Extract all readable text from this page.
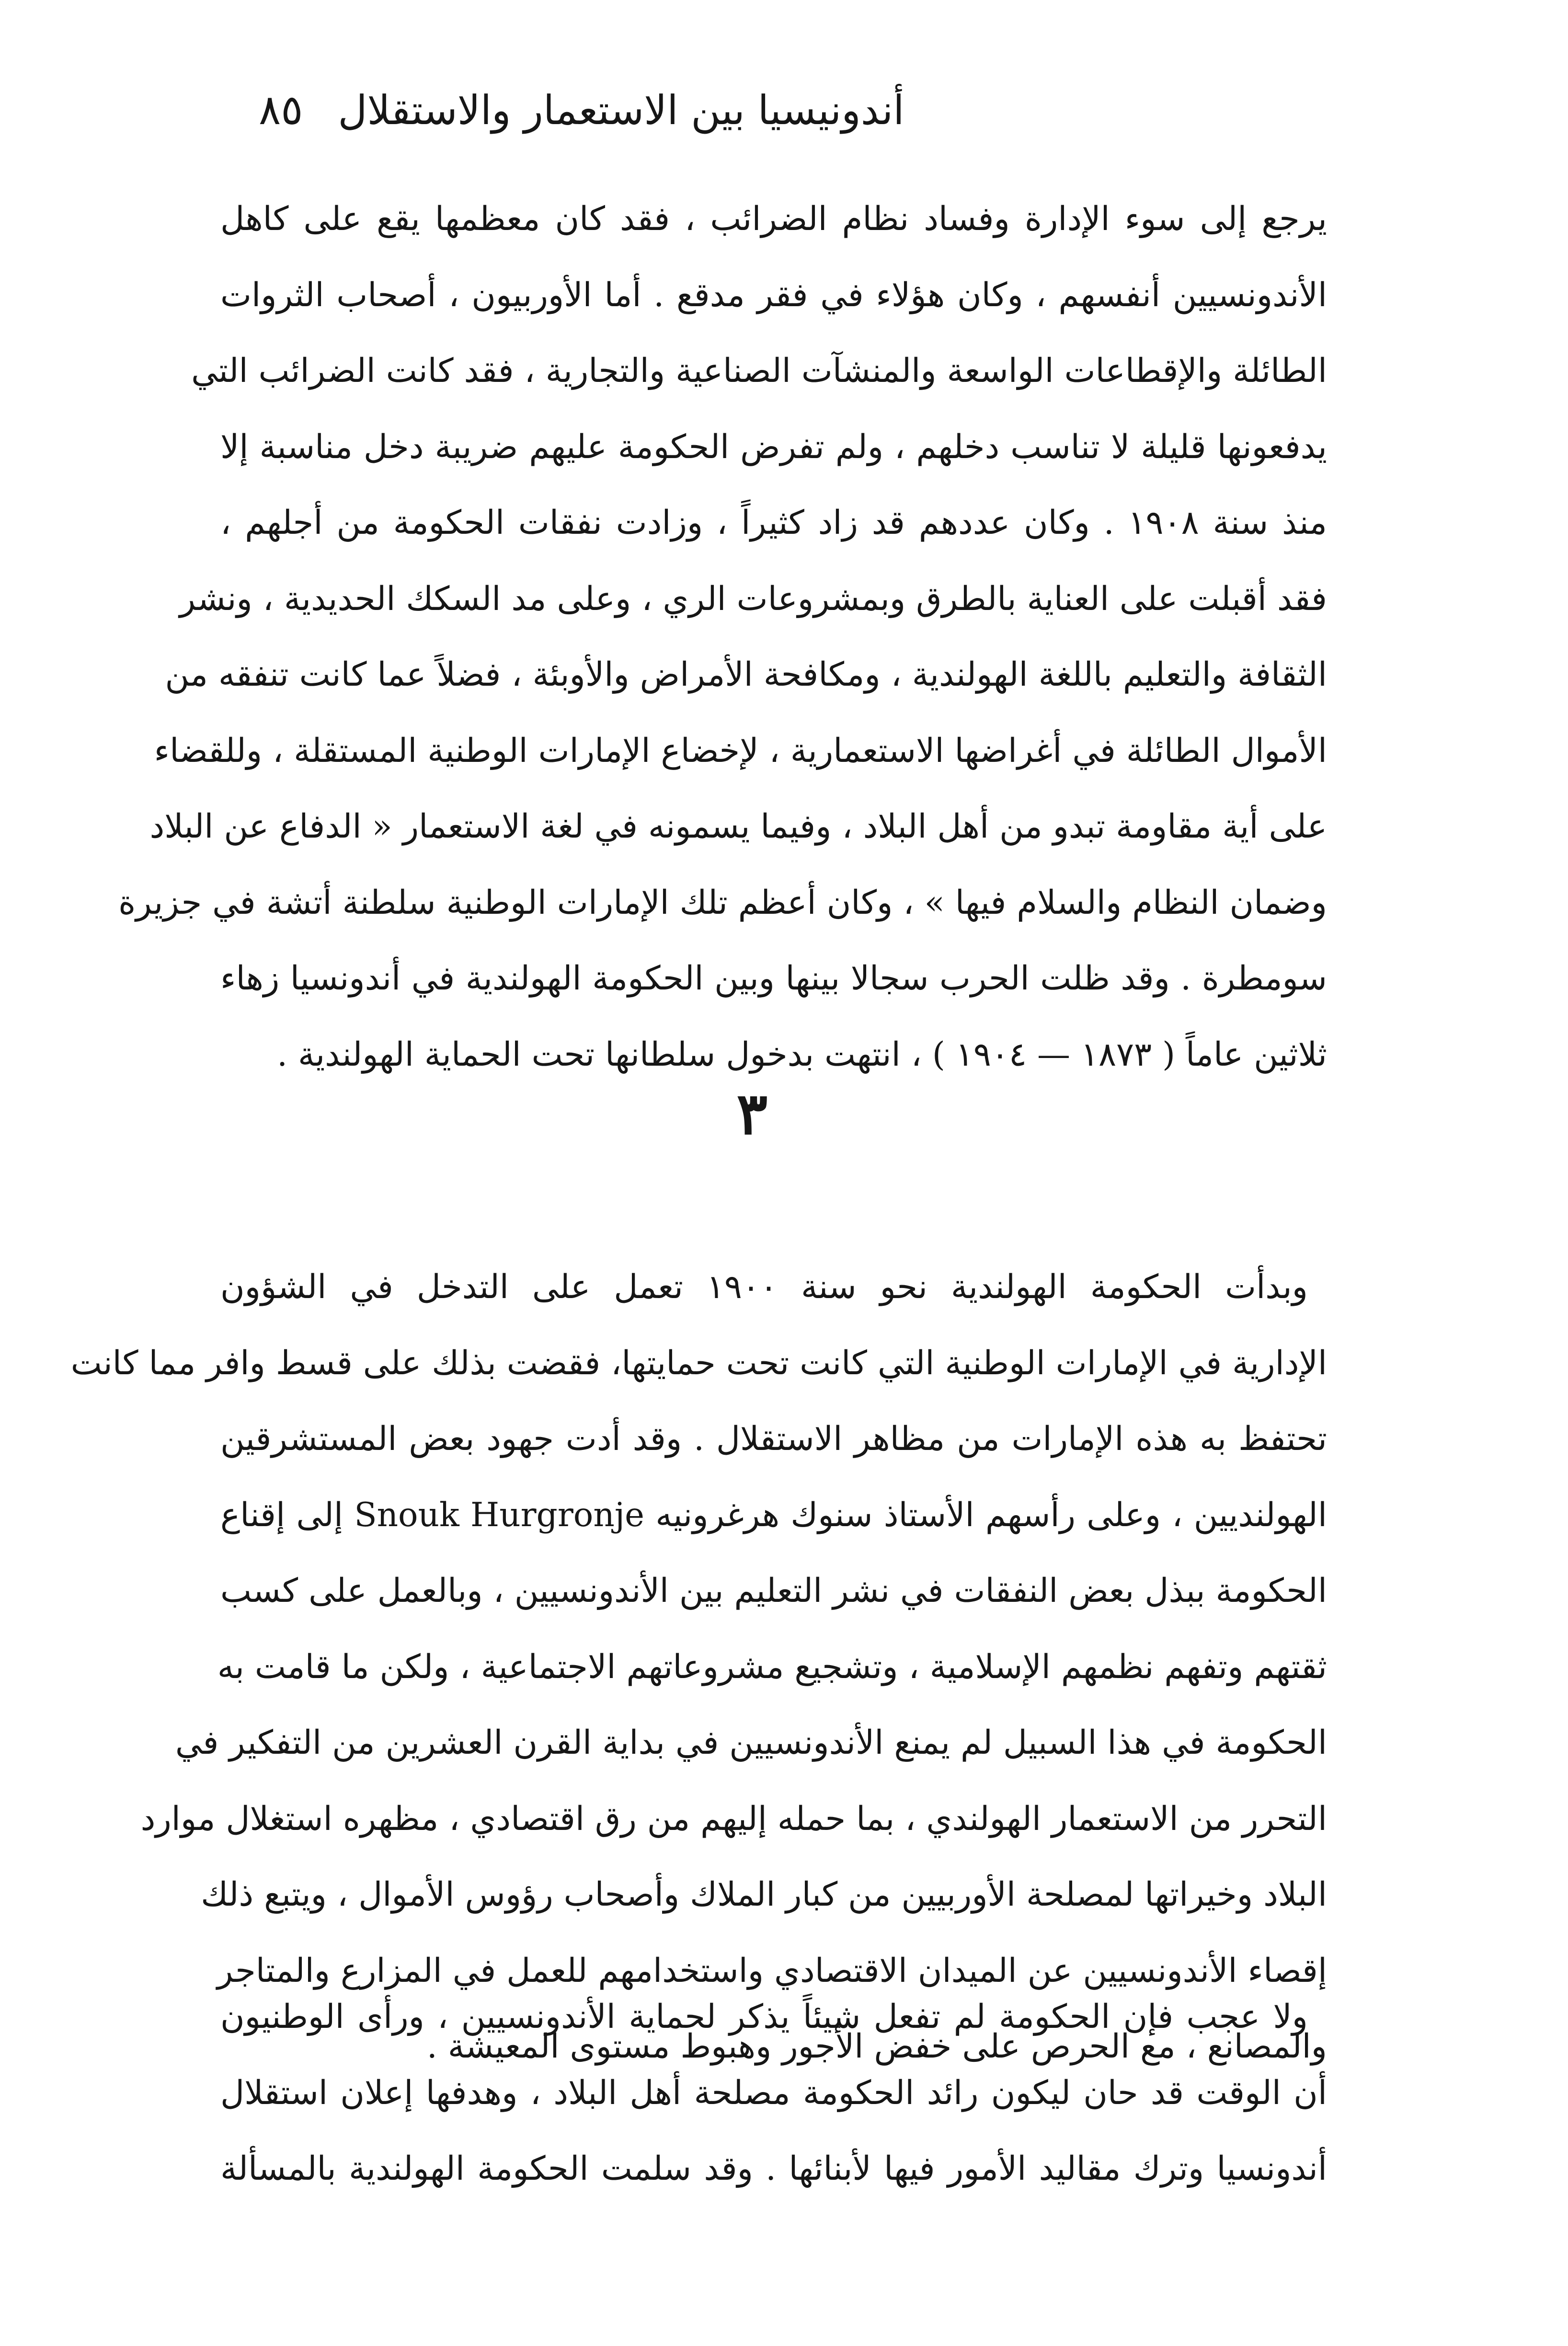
أندونيسيا بين الاستعمار والاستقلال
٨٥
يرجع إلى سوء الإدارة وفساد نظام الضرائب ، فقد كان معظمها يقع على كاهل
الأندونسيين أنفسهم ، وكان هؤلاء في فقر مدقع . أما الأوربيون ، أصحاب الثروات
الطائلة والإقطاعات الواسعة والمنشآت الصناعية والتجارية ، فقد كانت الضرائب التي
يدفعونها قليلة لا تناسب دخلهم ، ولم تفرض الحكومة عليهم ضريبة دخل مناسبة إلا
منذ سنة ١٩٠٨ . وكان عددهم قد زاد كثيراً ، وزادت نفقات الحكومة من أجلهم ،
فقد أقبلت على العناية بالطرق وبمشروعات الري ، وعلى مد السكك الحديدية ، ونشر
الثقافة والتعليم باللغة الهولندية ، ومكافحة الأمراض والأوبئة ، فضلاً عما كانت تنفقه من
الأموال الطائلة في أغراضها الاستعمارية ، لإخضاع الإمارات الوطنية المستقلة ، وللقضاء
على أية مقاومة تبدو من أهل البلاد ، وفيما يسمونه في لغة الاستعمار « الدفاع عن البلاد
وضمان النظام والسلام فيها » ، وكان أعظم تلك الإمارات الوطنية سلطنة أتشة في جزيرة
سومطرة . وقد ظلت الحرب سجالا بينها وبين الحكومة الهولندية في أندونسيا زهاء
ثلاثين عاماً ( ١٨٧٣ — ١٩٠٤ ) ، انتهت بدخول سلطانها تحت الحماية الهولندية .
٣
وبدأت الحكومة الهولندية نحو سنة ١٩٠٠ تعمل على التدخل في الشؤون
الإدارية في الإمارات الوطنية التي كانت تحت حمايتها، فقضت بذلك على قسط وافر مما كانت
تحتفظ به هذه الإمارات من مظاهر الاستقلال . وقد أدت جهود بعض المستشرقين
الهولنديين ، وعلى رأسهم الأستاذ سنوك هرغرونيه Snouk Hurgronje إلى إقناع
الحكومة ببذل بعض النفقات في نشر التعليم بين الأندونسيين ، وبالعمل على كسب
ثقتهم وتفهم نظمهم الإسلامية ، وتشجيع مشروعاتهم الاجتماعية ، ولكن ما قامت به
الحكومة في هذا السبيل لم يمنع الأندونسيين في بداية القرن العشرين من التفكير في
التحرر من الاستعمار الهولندي ، بما حمله إليهم من رق اقتصادي ، مظهره استغلال موارد
البلاد وخيراتها لمصلحة الأوربيين من كبار الملاك وأصحاب رؤوس الأموال ، ويتبع ذلك
إقصاء الأندونسيين عن الميدان الاقتصادي واستخدامهم للعمل في المزارع والمتاجر
والمصانع ، مع الحرص على خفض الأجور وهبوط مستوى المعيشة .
ولا عجب فإن الحكومة لم تفعل شيئاً يذكر لحماية الأندونسيين ، ورأى الوطنيون
أن الوقت قد حان ليكون رائد الحكومة مصلحة أهل البلاد ، وهدفها إعلان استقلال
أندونسيا وترك مقاليد الأمور فيها لأبنائها . وقد سلمت الحكومة الهولندية بالمسألة
